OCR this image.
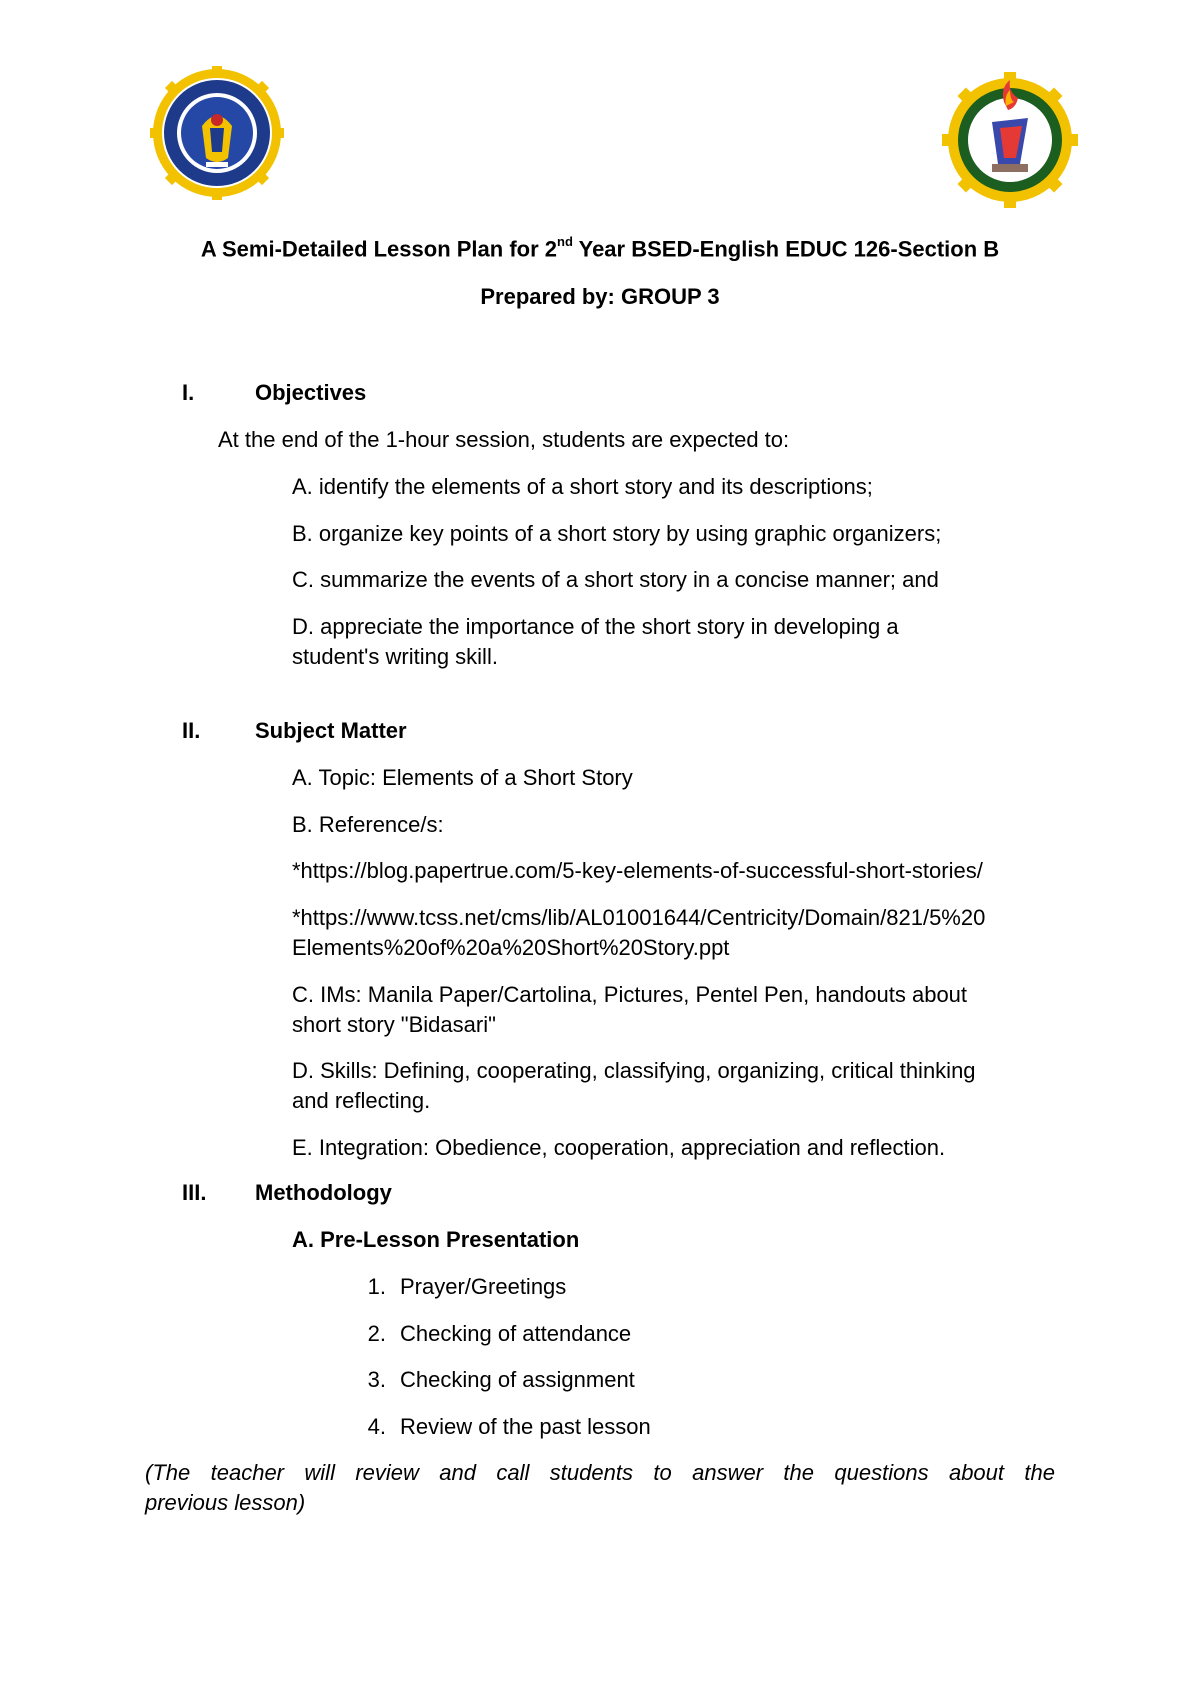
A Semi-Detailed Lesson Plan for 2nd Year BSED-English EDUC 126-Section B
Prepared by: GROUP 3
I.	Objectives
At the end of the 1-hour session, students are expected to:
A. identify the elements of a short story and its descriptions;
B. organize key points of a short story by using graphic organizers;
C. summarize the events of a short story in a concise manner; and
D. appreciate the importance of the short story in developing a
student's writing skill.
II. Subject Matter
A. Topic: Elements of a Short Story
B. Reference/s:
*https://blog.papertrue.com/5-key-elements-of-successful-short-stories/
*https://www.tcss.net/cms/lib/AL01001644/Centricity/Domain/821/5%20
Elements%20of%20a%20Short%20Story.ppt
C. IMs: Manila Paper/Cartolina, Pictures, Pentel Pen, handouts about
short story "Bidasari"
D. Skills: Defining, cooperating, classifying, organizing, critical thinking
and reflecting.
E. Integration: Obedience, cooperation, appreciation and reflection.
III. Methodology
A. Pre-Lesson Presentation
1. Prayer/Greetings
2. Checking of attendance
3. Checking of assignment
4. Review of the past lesson
(The teacher will review and call students to answer the questions about the
previous lesson)
